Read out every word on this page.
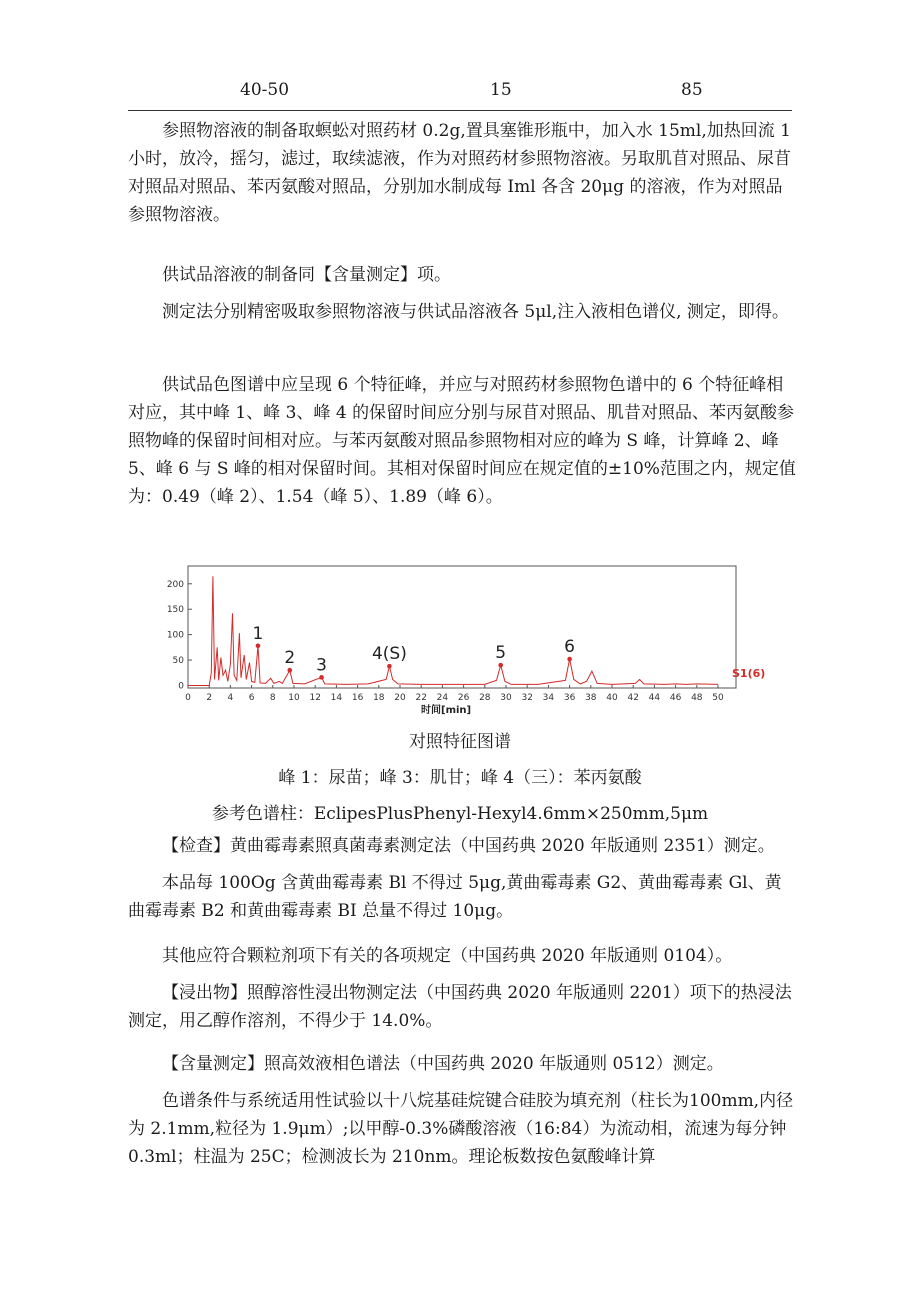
40-50	15	85

参照物溶液的制备取螟蚣对照药材 0.2g,置具塞锥形瓶中，加入水 15ml,加热回流 1 小时，放冷，摇匀，滤过，取续滤液，作为对照药材参照物溶液。另取肌苜对照品、尿苜对照品对照品、苯丙氨酸对照品，分别加水制成每 Iml 各含 20μg 的溶液，作为对照品参照物溶液。

供试品溶液的制备同【含量测定】项。

测定法分别精密吸取参照物溶液与供试品溶液各 5μl,注入液相色谱仪, 测定，即得。

供试品色图谱中应呈现 6 个特征峰，并应与对照药材参照物色谱中的 6 个特征峰相对应，其中峰 1、峰 3、峰 4 的保留时间应分别与尿苜对照品、肌昔对照品、苯丙氨酸参照物峰的保留时间相对应。与苯丙氨酸对照品参照物相对应的峰为 S 峰，计算峰 2、峰 5、峰 6 与 S 峰的相对保留时间。其相对保留时间应在规定值的±10%范围之内，规定值为：0.49（峰 2）、1.54（峰 5）、1.89（峰 6）。

0
50
100
150
200
0 2 4 6 8 10 12 14 16 18 20 22 24 26 28 30 32 34 36 38 40 42 44 46 48 50
1
2 3
4(S)	5	6
S1(6)
时间[min]
对照特征图谱
峰 1：尿苗；峰 3：肌甘；峰 4（三）：苯丙氨酸
参考色谱柱：EclipesPlusPhenyl-Hexyl4.6mm×250mm,5μm

【检查】黄曲霉毒素照真菌毒素测定法（中国药典 2020 年版通则 2351）测定。

本品每 100Og 含黄曲霉毒素 Bl 不得过 5μg,黄曲霉毒素 G2、黄曲霉毒素 Gl、黄曲霉毒素 B2 和黄曲霉毒素 BI 总量不得过 10μg。

其他应符合颗粒剂项下有关的各项规定（中国药典 2020 年版通则 0104）。

【浸出物】照醇溶性浸出物测定法（中国药典 2020 年版通则 2201）项下的热浸法测定，用乙醇作溶剂，不得少于 14.0%。

【含量测定】照高效液相色谱法（中国药典 2020 年版通则 0512）测定。

色谱条件与系统适用性试验以十八烷基硅烷键合硅胶为填充剂（柱长为100mm,内径为 2.1mm,粒径为 1.9μm）;以甲醇-0.3%磷酸溶液（16:84）为流动相，流速为每分钟 0.3ml；柱温为 25C；检测波长为 210nm。理论板数按色氨酸峰计算
